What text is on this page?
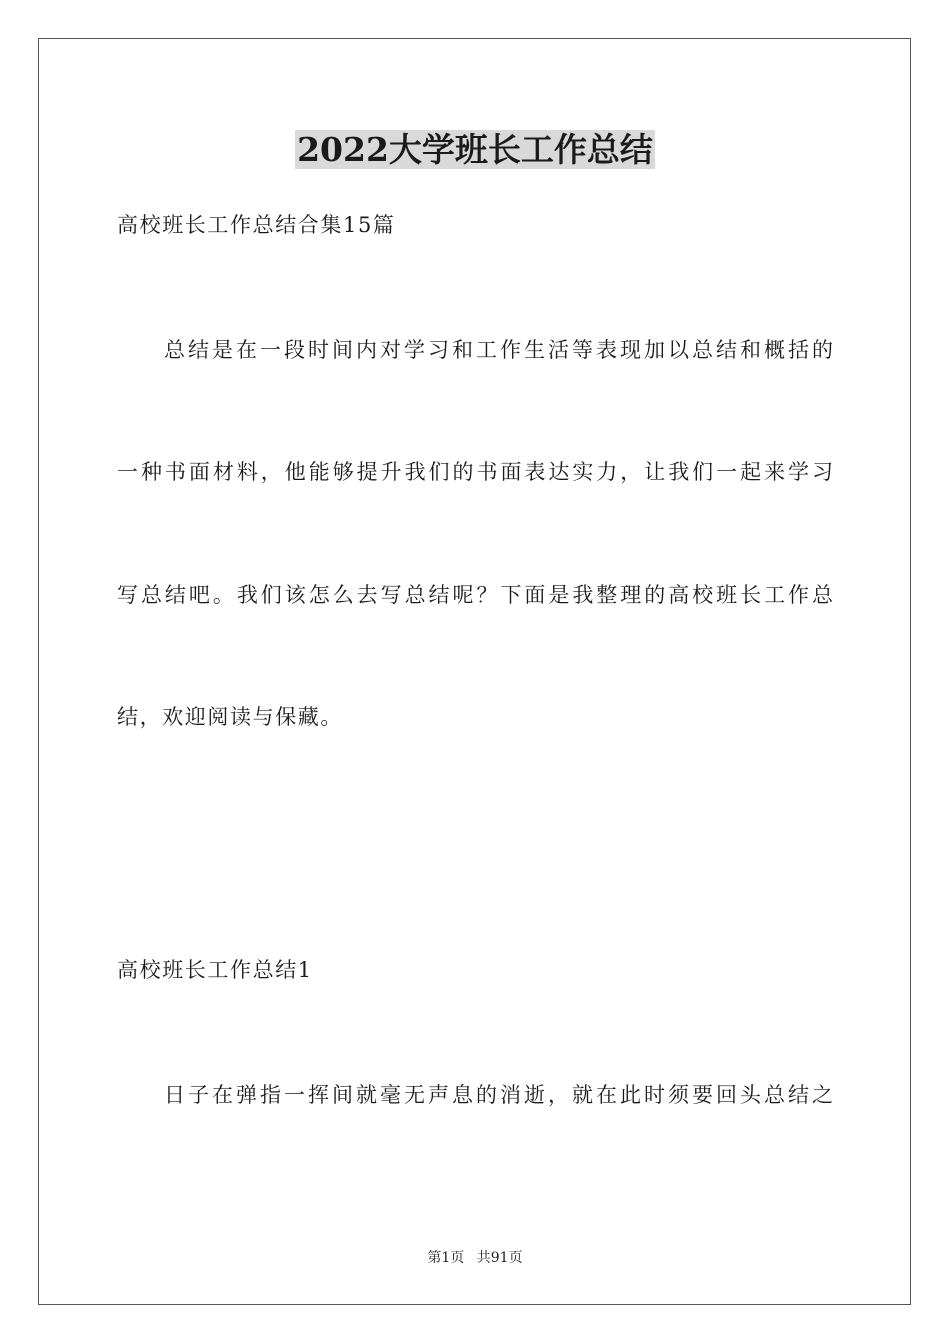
2022大学班长工作总结
高校班长工作总结合集15篇
总结是在一段时间内对学习和工作生活等表现加以总结和概括的
一种书面材料，他能够提升我们的书面表达实力，让我们一起来学习
写总结吧。我们该怎么去写总结呢？下面是我整理的高校班长工作总
结，欢迎阅读与保藏。
高校班长工作总结1
日子在弹指一挥间就毫无声息的消逝，就在此时须要回头总结之
第1页 共91页
